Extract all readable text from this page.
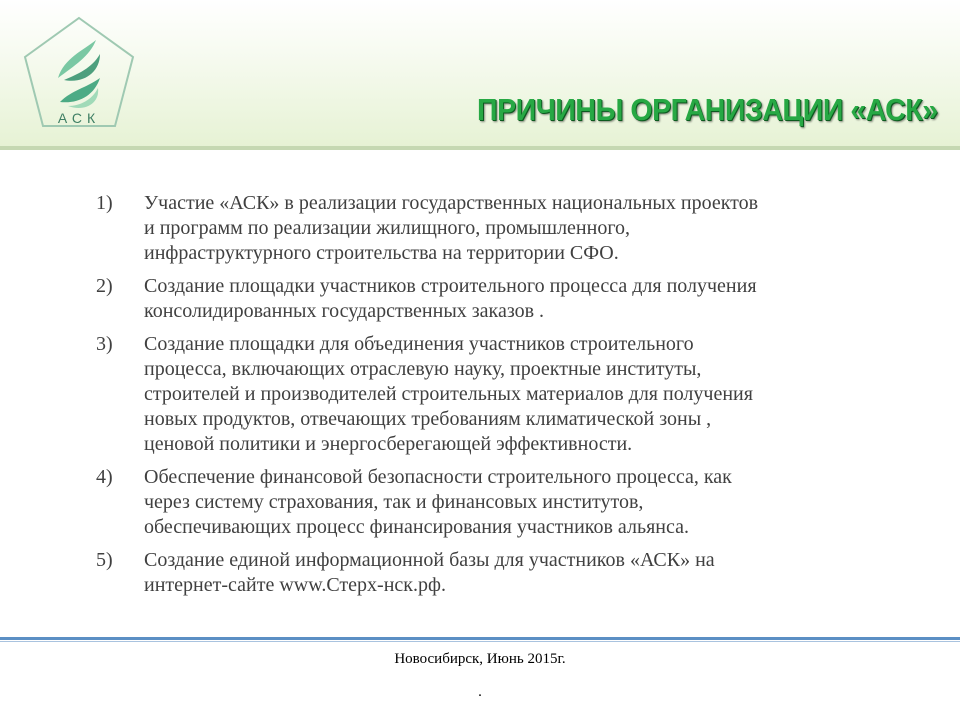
АСК	ПРИЧИНЫ ОРГАНИЗАЦИИ «АСК»
1)	Участие «АСК» в реализации государственных национальных проектов
и программ по реализации жилищного, промышленного,
инфраструктурного строительства на территории СФО.
2)	Создание площадки участников строительного процесса для получения
консолидированных государственных заказов .
3)	Создание площадки для объединения участников строительного
процесса, включающих отраслевую науку, проектные институты,
строителей и производителей строительных материалов для получения
новых продуктов, отвечающих требованиям климатической зоны ,
ценовой политики и энергосберегающей эффективности.
4)	Обеспечение финансовой безопасности строительного процесса, как
через систему страхования, так и финансовых институтов,
обеспечивающих процесс финансирования участников альянса.
5)	Создание единой информационной базы для участников «АСК» на
интернет-сайте www.Стерх-нск.рф.
Новосибирск, Июнь 2015г.
.
